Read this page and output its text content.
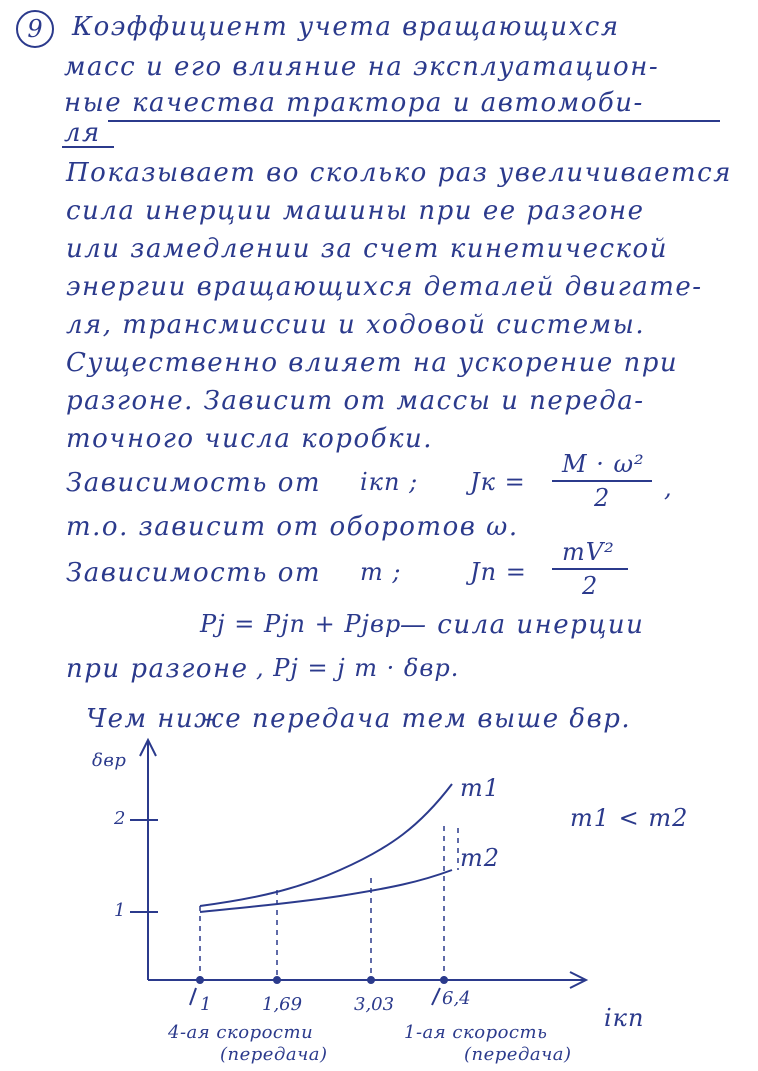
9	Коэффициент учета вращающихся
масс и его влияние на эксплуатацион-
ные качества трактора и автомоби-
ля
Показывает во сколько раз увеличивается
сила инерции машины при ее разгоне
или замедлении за счет кинетической
энергии вращающихся деталей двигате-
ля, трансмиссии и ходовой системы.
Существенно влияет на ускорение при
разгоне. Зависит от массы и переда-
точного числа коробки.
Зависимость от iкп ; Jк =
M · ω²
2 ,
т.о. зависит от оборотов ω.
Зависимость от m ;	Jп =
mV²
2
Pj = Pjп + Pjвр
— сила инерции
при разгоне , Pj = j m · δвр.
Чем ниже передача тем выше δвр.
δвр
2
1
m1
m2
m1 < m2
1	1,69	3,03	6,4
iкп
4-ая скорости
(передача)
1-ая скорость
(передача)
